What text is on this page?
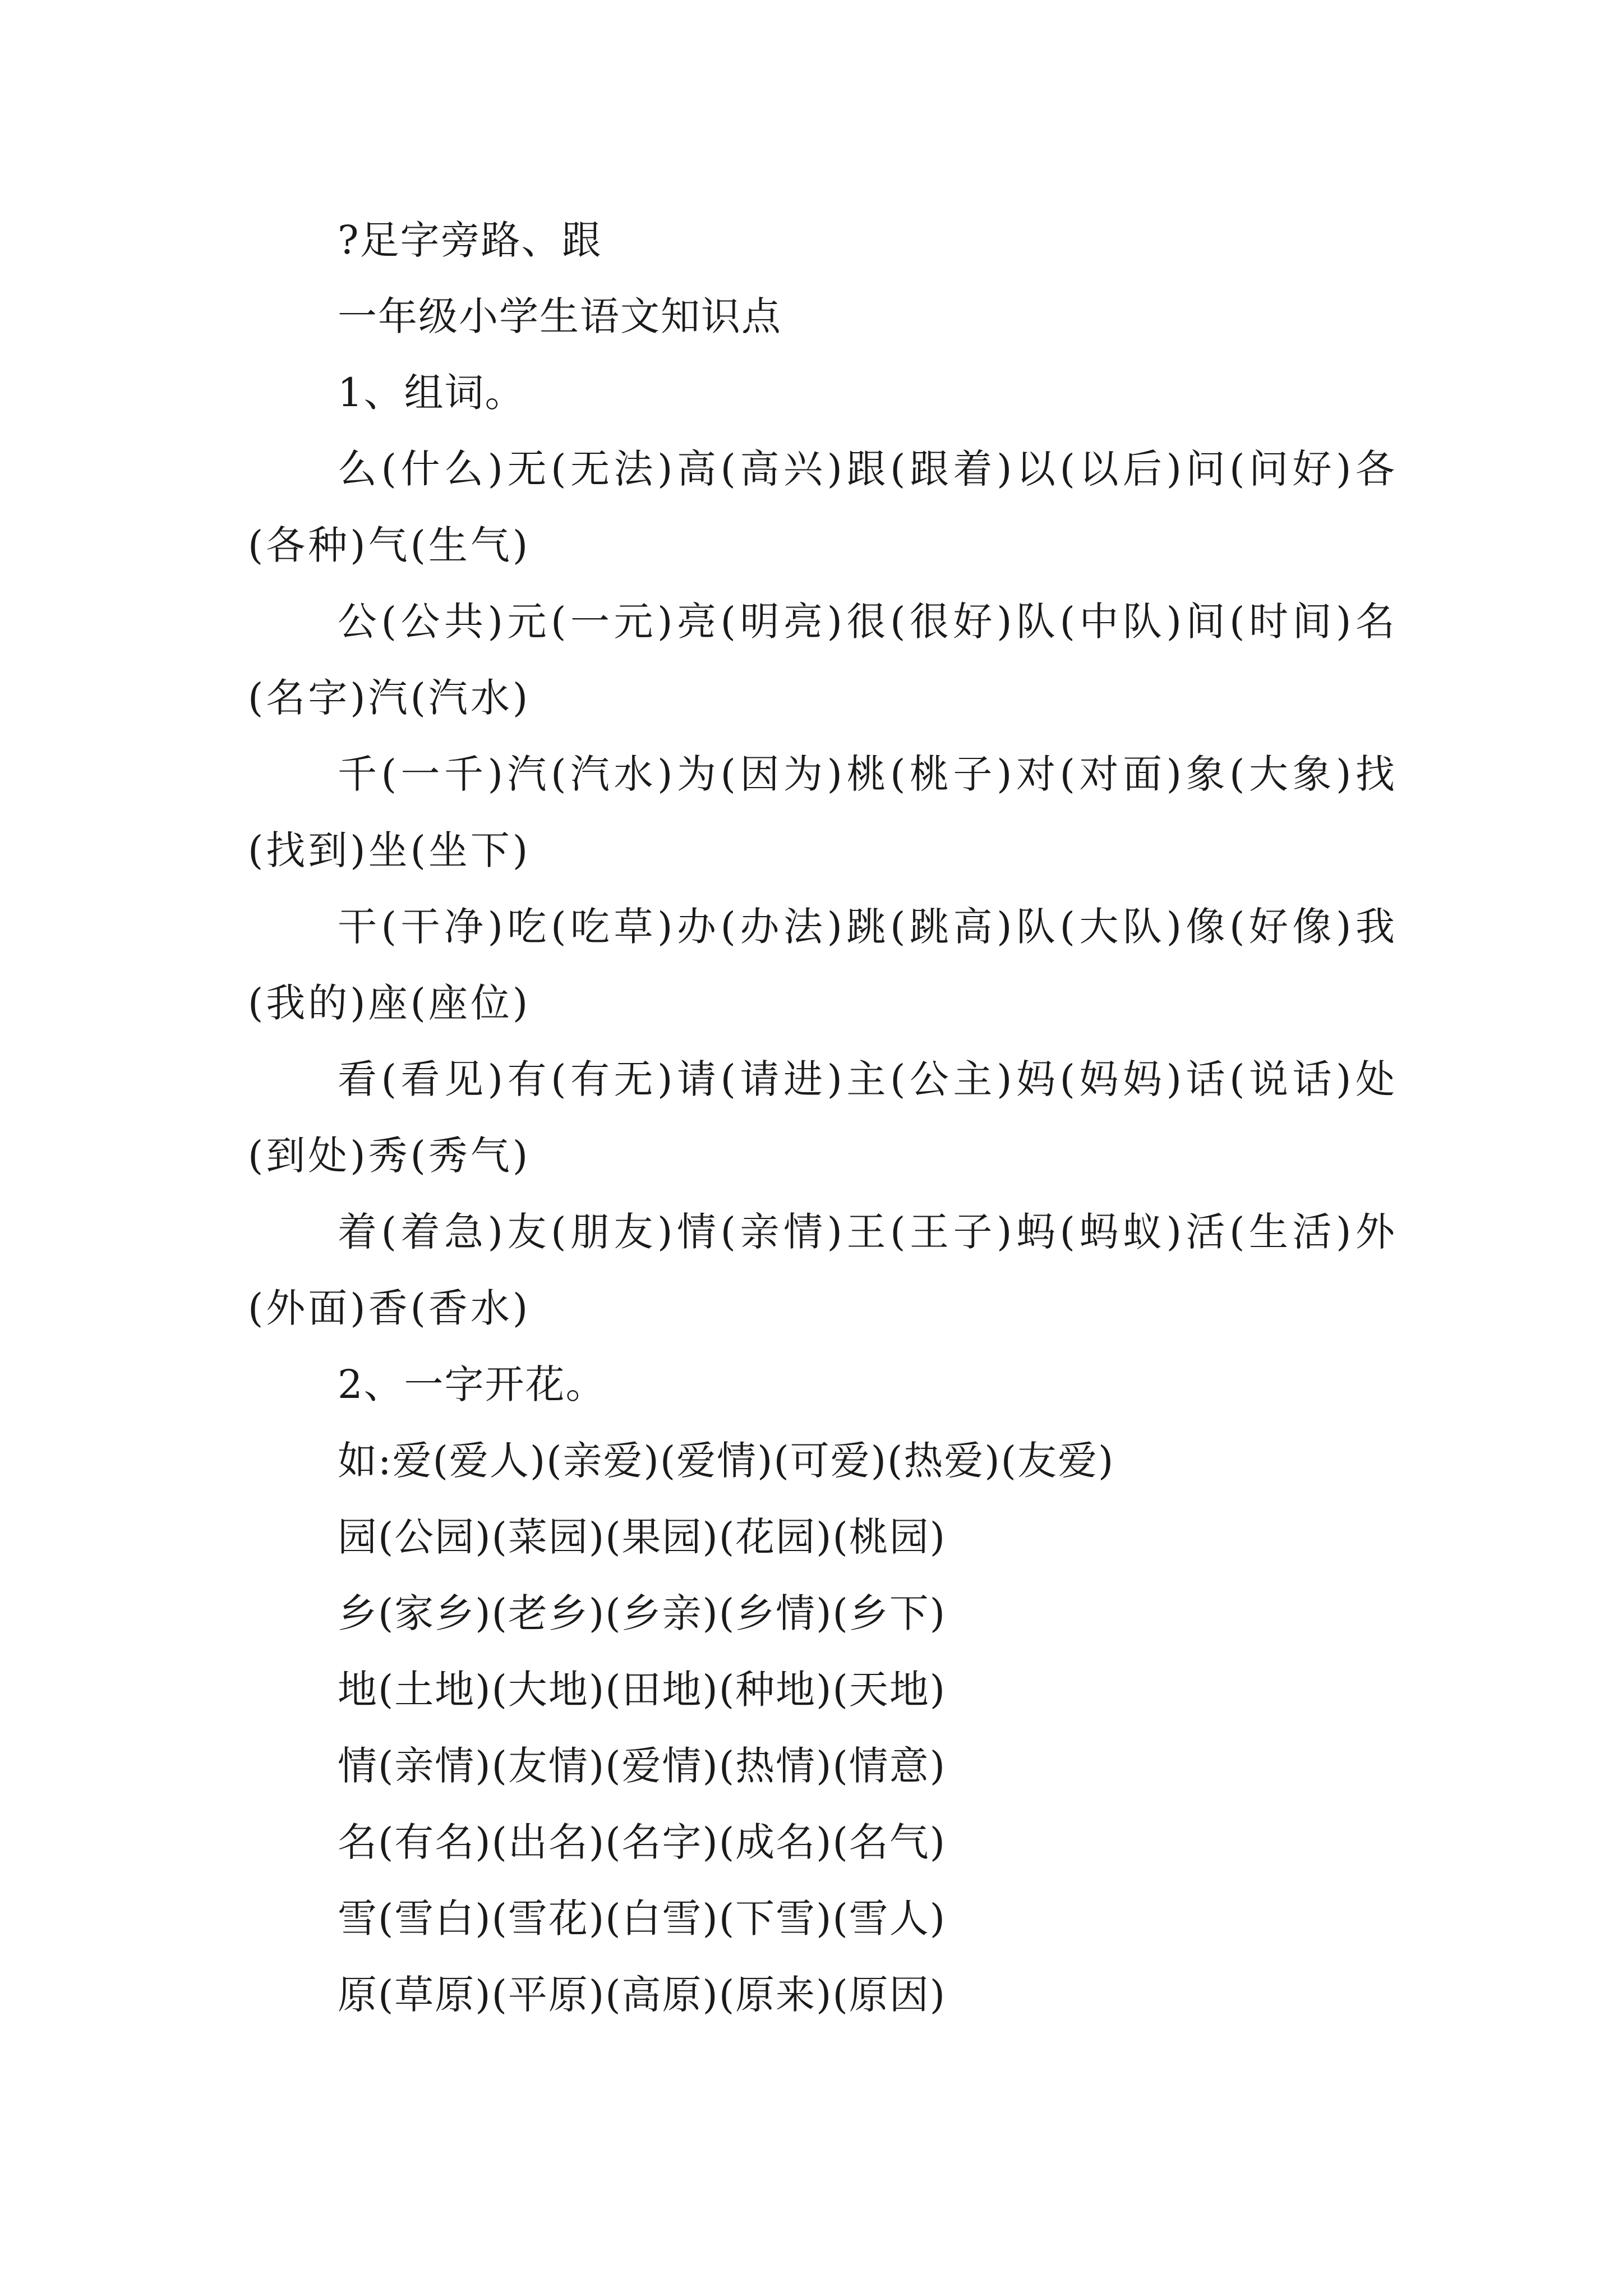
?足字旁路、跟

一年级小学生语文知识点

1、组词。

么(什么)无(无法)高(高兴)跟(跟着)以(以后)问(问好)各(各种)气(生气)

公(公共)元(一元)亮(明亮)很(很好)队(中队)间(时间)名(名字)汽(汽水)

千(一千)汽(汽水)为(因为)桃(桃子)对(对面)象(大象)找(找到)坐(坐下)

干(干净)吃(吃草)办(办法)跳(跳高)队(大队)像(好像)我(我的)座(座位)

看(看见)有(有无)请(请进)主(公主)妈(妈妈)话(说话)处(到处)秀(秀气)

着(着急)友(朋友)情(亲情)王(王子)蚂(蚂蚁)活(生活)外(外面)香(香水)

2、一字开花。

如:爱(爱人)(亲爱)(爱情)(可爱)(热爱)(友爱)

园(公园)(菜园)(果园)(花园)(桃园)

乡(家乡)(老乡)(乡亲)(乡情)(乡下)

地(土地)(大地)(田地)(种地)(天地)

情(亲情)(友情)(爱情)(热情)(情意)

名(有名)(出名)(名字)(成名)(名气)

雪(雪白)(雪花)(白雪)(下雪)(雪人)

原(草原)(平原)(高原)(原来)(原因)
